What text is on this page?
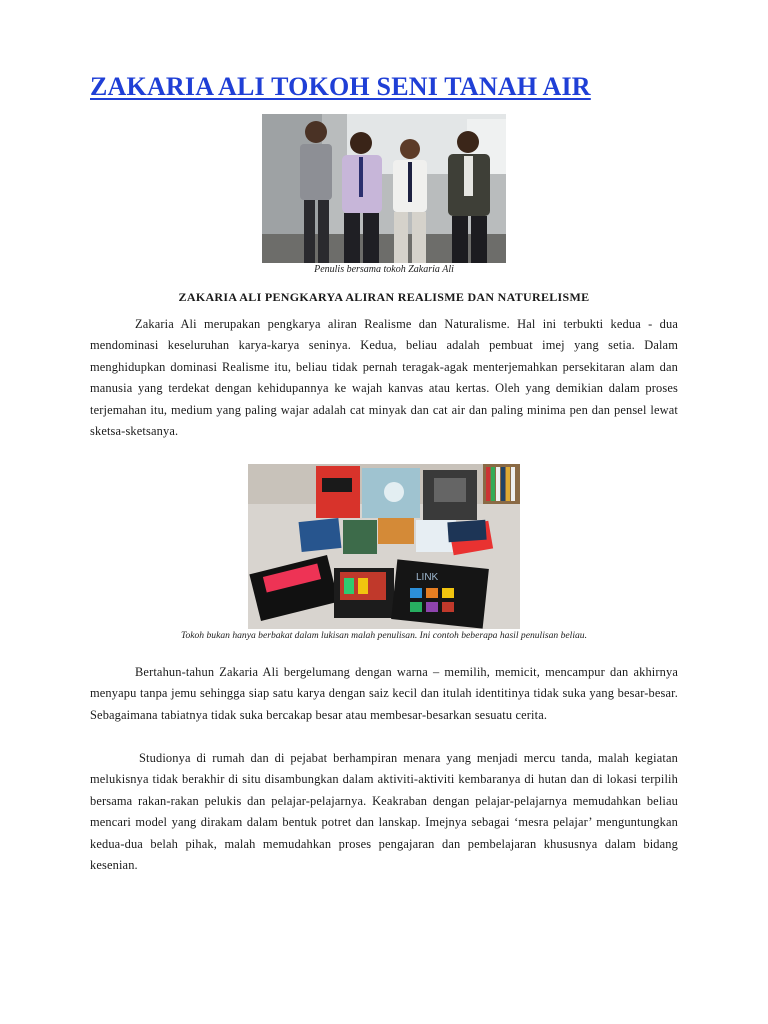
ZAKARIA ALI TOKOH SENI TANAH AIR
Penulis bersama tokoh Zakaria Ali
ZAKARIA ALI PENGKARYA ALIRAN REALISME DAN NATURELISME

Zakaria Ali merupakan pengkarya aliran Realisme dan Naturalisme. Hal ini terbukti kedua - dua mendominasi keseluruhan karya-karya seninya. Kedua, beliau adalah pembuat imej yang setia. Dalam menghidupkan dominasi Realisme itu, beliau tidak pernah teragak-agak menterjemahkan persekitaran alam dan manusia yang terdekat dengan kehidupannya ke wajah kanvas atau kertas. Oleh yang demikian dalam proses terjemahan itu, medium yang paling wajar adalah cat minyak dan cat air dan paling minima pen dan pensel lewat sketsa-sketsanya.

LINK
Tokoh bukan hanya berbakat dalam lukisan malah penulisan. Ini contoh beberapa hasil penulisan beliau.

Bertahun-tahun Zakaria Ali bergelumang dengan warna – memilih, memicit, mencampur dan akhirnya menyapu tanpa jemu sehingga siap satu karya dengan saiz kecil dan itulah identitinya tidak suka yang besar-besar. Sebagaimana tabiatnya tidak suka bercakap besar atau membesar-besarkan sesuatu cerita.

Studionya di rumah dan di pejabat berhampiran menara yang menjadi mercu tanda, malah kegiatan melukisnya tidak berakhir di situ disambungkan dalam aktiviti-aktiviti kembaranya di hutan dan di lokasi terpilih bersama rakan-rakan pelukis dan pelajar-pelajarnya. Keakraban dengan pelajar-pelajarnya memudahkan beliau mencari model yang dirakam dalam bentuk potret dan lanskap. Imejnya sebagai ‘mesra pelajar’ menguntungkan kedua-dua belah pihak, malah memudahkan proses pengajaran dan pembelajaran khususnya dalam bidang kesenian.
